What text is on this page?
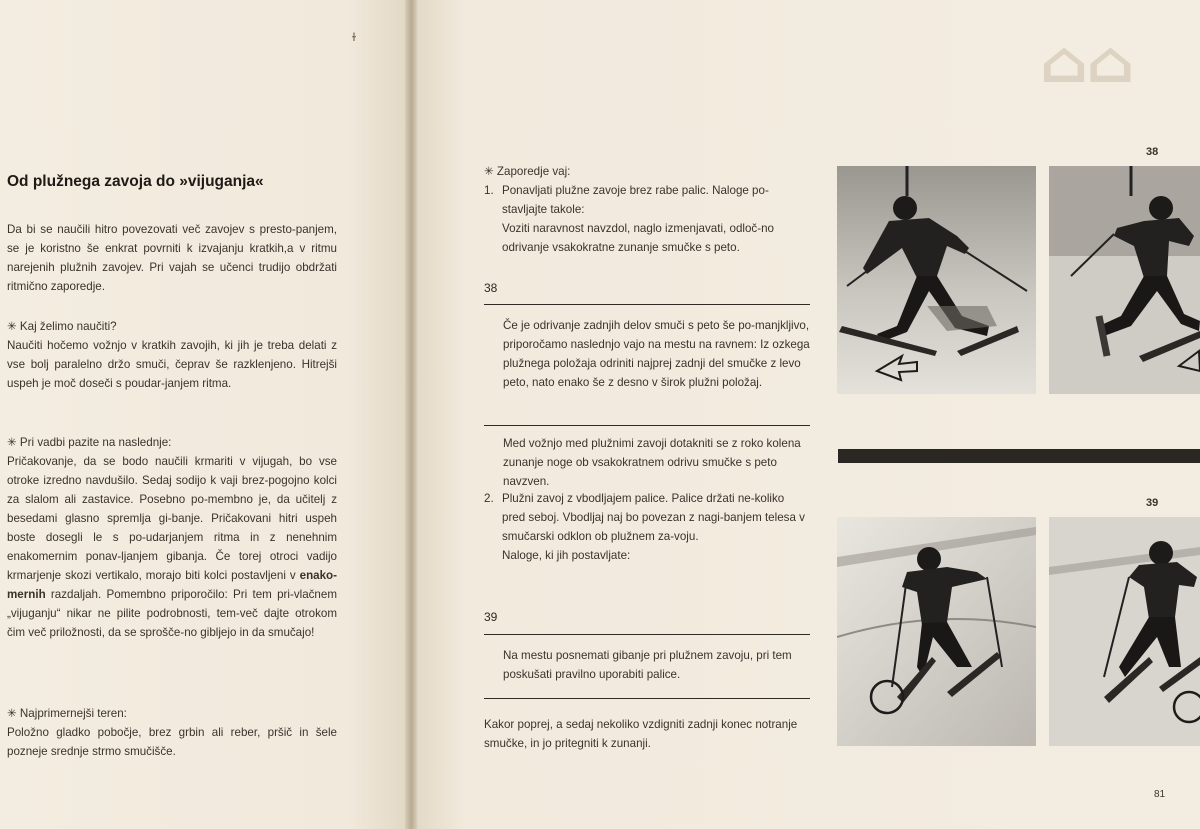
⌂⌂
ɫ
Od plužnega zavoja do »vijuganja«

Da bi se naučili hitro povezovati več zavojev s presto-panjem, se je koristno še enkrat povrniti k izvajanju kratkih,a v ritmu narejenih plužnih zavojev. Pri vajah se učenci trudijo obdržati ritmično zaporedje.

✳ Kaj želimo naučiti?

Naučiti hočemo vožnjo v kratkih zavojih, ki jih je treba delati z vse bolj paralelno držo smuči, čeprav še razklenjeno. Hitrejši uspeh je moč doseči s poudar-janjem ritma.

✳ Pri vadbi pazite na naslednje:

Pričakovanje, da se bodo naučili krmariti v vijugah, bo vse otroke izredno navdušilo. Sedaj sodijo k vaji brez-pogojno kolci za slalom ali zastavice. Posebno po-membno je, da učitelj z besedami glasno spremlja gi-banje. Pričakovani hitri uspeh boste dosegli le s po-udarjanjem ritma in z nenehnim enakomernim ponav-ljanjem gibanja. Če torej otroci vadijo krmarjenje skozi vertikalo, morajo biti kolci postavljeni v enako-mernih razdaljah. Pomembno priporočilo: Pri tem pri-vlačnem „vijuganju“ nikar ne pilite podrobnosti, tem-več dajte otrokom čim več priložnosti, da se sprošče-no gibljejo in da smučajo!

✳ Najprimernejši teren:

Položno gladko pobočje, brez grbin ali reber, pršič in šele pozneje srednje strmo smučišče.

✳ Zaporedje vaj:

1. Ponavljati plužne zavoje brez rabe palic. Naloge po-stavljajte takole:

Voziti naravnost navzdol, naglo izmenjavati, odloč-no odrivanje vsakokratne zunanje smučke s peto.

38

Če je odrivanje zadnjih delov smuči s peto še po-manjkljivo, priporočamo naslednjo vajo na mestu na ravnem: Iz ozkega plužnega položaja odriniti najprej zadnji del smučke z levo peto, nato enako še z desno v širok plužni položaj.

Med vožnjo med plužnimi zavoji dotakniti se z roko kolena zunanje noge ob vsakokratnem odrivu smučke s peto navzven.

2. Plužni zavoj z vbodljajem palice. Palice držati ne-koliko pred seboj. Vbodljaj naj bo povezan z nagi-banjem telesa v smučarski odklon ob plužnem za-voju.

Naloge, ki jih postavljate:

39

Na mestu posnemati gibanje pri plužnem zavoju, pri tem poskušati pravilno uporabiti palice.

Kakor poprej, a sedaj nekoliko vzdigniti zadnji konec notranje smučke, in jo pritegniti k zunanji.

38
39
81
